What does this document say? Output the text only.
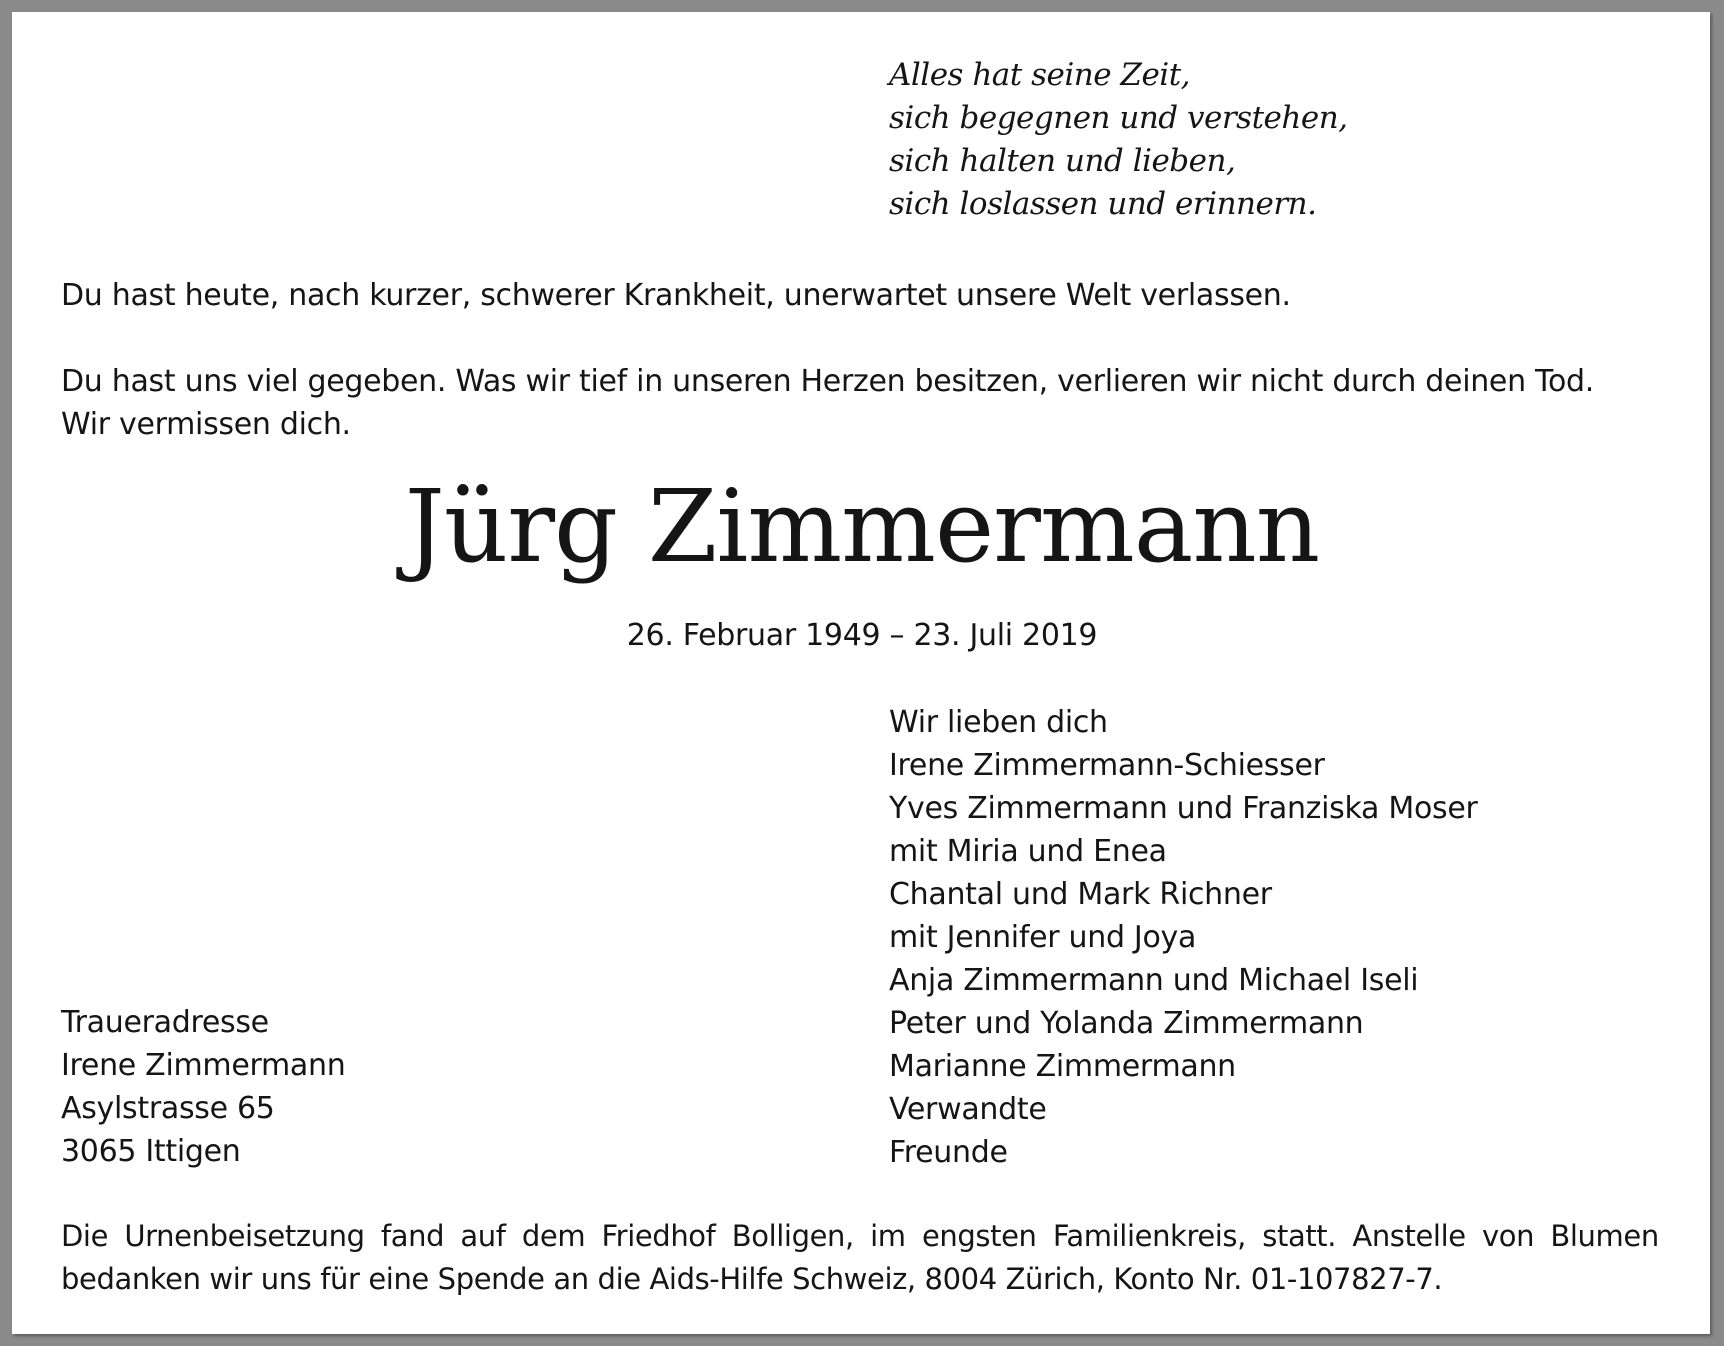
Alles hat seine Zeit,
sich begegnen und verstehen,
sich halten und lieben,
sich loslassen und erinnern.
Du hast heute, nach kurzer, schwerer Krankheit, unerwartet unsere Welt verlassen.
Du hast uns viel gegeben. Was wir tief in unseren Herzen besitzen, verlieren wir nicht durch deinen Tod.
Wir vermissen dich.
Jürg Zimmermann
26. Februar 1949 – 23. Juli 2019
Wir lieben dich
Irene Zimmermann-Schiesser
Yves Zimmermann und Franziska Moser
mit Miria und Enea
Chantal und Mark Richner
mit Jennifer und Joya
Anja Zimmermann und Michael Iseli
Peter und Yolanda Zimmermann
Marianne Zimmermann
Verwandte
Freunde
Traueradresse
Irene Zimmermann
Asylstrasse 65
3065 Ittigen
Die Urnenbeisetzung fand auf dem Friedhof Bolligen, im engsten Familienkreis, statt. Anstelle von Blumen
bedanken wir uns für eine Spende an die Aids-Hilfe Schweiz, 8004 Zürich, Konto Nr. 01-107827-7.
